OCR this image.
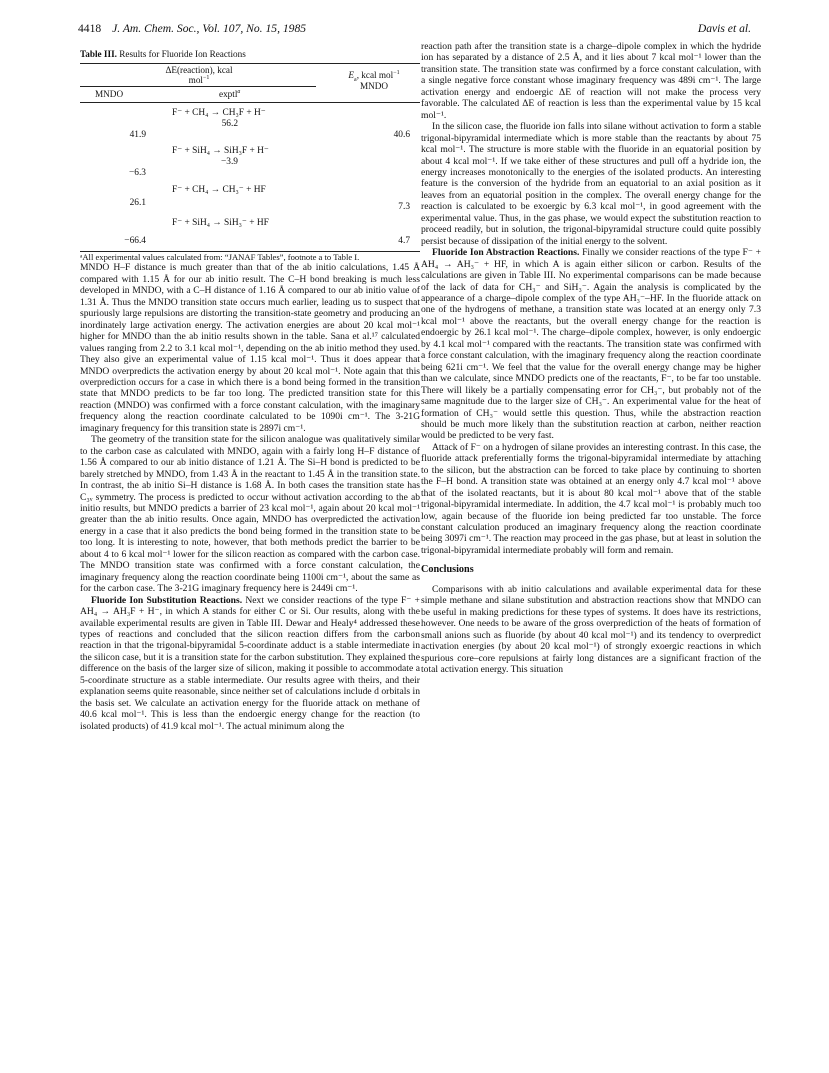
4418 J. Am. Chem. Soc., Vol. 107, No. 15, 1985	Davis et al.
Table III. Results for Fluoride Ion Reactions
ΔE(reaction), kcal
mol$^{-1}$
MNDO	exptl$^a$
$E_a$, kcal mol$^{-1}$
MNDO
F⁻ + CH₄ → CH₃F + H⁻
56.2
41.9	40.6
F⁻ + SiH₄ → SiH₃F + H⁻
−3.9
−6.3
F⁻ + CH₄ → CH₃⁻ + HF
26.1	7.3
F⁻ + SiH₄ → SiH₃⁻ + HF
−66.4	4.7

ᵃAll experimental values calculated from: “JANAF Tables”, footnote a to Table I.

MNDO H–F distance is much greater than that of the ab initio calculations, 1.45 Å compared with 1.15 Å for our ab initio result. The C–H bond breaking is much less developed in MNDO, with a C–H distance of 1.16 Å compared to our ab initio value of 1.31 Å. Thus the MNDO transition state occurs much earlier, leading us to suspect that spuriously large repulsions are distorting the transition-state geometry and producing an inordinately large activation energy. The activation energies are about 20 kcal mol⁻¹ higher for MNDO than the ab initio results shown in the table. Sana et al.¹⁷ calculated values ranging from 2.2 to 3.1 kcal mol⁻¹, depending on the ab initio method they used. They also give an experimental value of 1.15 kcal mol⁻¹. Thus it does appear that MNDO overpredicts the activation energy by about 20 kcal mol⁻¹. Note again that this overprediction occurs for a case in which there is a bond being formed in the transition state that MNDO predicts to be far too long. The predicted transition state for this reaction (MNDO) was confirmed with a force constant calculation, with the imaginary frequency along the reaction coordinate calculated to be 1090i cm⁻¹. The 3-21G imaginary frequency for this transition state is 2897i cm⁻¹.

The geometry of the transition state for the silicon analogue was qualitatively similar to the carbon case as calculated with MNDO, again with a fairly long H–F distance of 1.56 Å compared to our ab initio distance of 1.21 Å. The Si–H bond is predicted to be barely stretched by MNDO, from 1.43 Å in the reactant to 1.45 Å in the transition state. In contrast, the ab initio Si–H distance is 1.68 Å. In both cases the transition state has C₃ᵥ symmetry. The process is predicted to occur without activation according to the ab initio results, but MNDO predicts a barrier of 23 kcal mol⁻¹, again about 20 kcal mol⁻¹ greater than the ab initio results. Once again, MNDO has overpredicted the activation energy in a case that it also predicts the bond being formed in the transition state to be too long. It is interesting to note, however, that both methods predict the barrier to be about 4 to 6 kcal mol⁻¹ lower for the silicon reaction as compared with the carbon case. The MNDO transition state was confirmed with a force constant calculation, the imaginary frequency along the reaction coordinate being 1100i cm⁻¹, about the same as for the carbon case. The 3-21G imaginary frequency here is 2449i cm⁻¹.

Fluoride Ion Substitution Reactions. Next we consider reactions of the type F⁻ + AH₄ → AH₃F + H⁻, in which A stands for either C or Si. Our results, along with the available experimental results are given in Table III. Dewar and Healy⁴ addressed these types of reactions and concluded that the silicon reaction differs from the carbon reaction in that the trigonal-bipyramidal 5-coordinate adduct is a stable intermediate in the silicon case, but it is a transition state for the carbon substitution. They explained the difference on the basis of the larger size of silicon, making it possible to accommodate a 5-coordinate structure as a stable intermediate. Our results agree with theirs, and their explanation seems quite reasonable, since neither set of calculations include d orbitals in the basis set. We calculate an activation energy for the fluoride attack on methane of 40.6 kcal mol⁻¹. This is less than the endoergic energy change for the reaction (to isolated products) of 41.9 kcal mol⁻¹. The actual minimum along the

reaction path after the transition state is a charge–dipole complex in which the hydride ion has separated by a distance of 2.5 Å, and it lies about 7 kcal mol⁻¹ lower than the transition state. The transition state was confirmed by a force constant calculation, with a single negative force constant whose imaginary frequency was 489i cm⁻¹. The large activation energy and endoergic ΔE of reaction will not make the process very favorable. The calculated ΔE of reaction is less than the experimental value by 15 kcal mol⁻¹.

In the silicon case, the fluoride ion falls into silane without activation to form a stable trigonal-bipyramidal intermediate which is more stable than the reactants by about 75 kcal mol⁻¹. The structure is more stable with the fluoride in an equatorial position by about 4 kcal mol⁻¹. If we take either of these structures and pull off a hydride ion, the energy increases monotonically to the energies of the isolated products. An interesting feature is the conversion of the hydride from an equatorial to an axial position as it leaves from an equatorial position in the complex. The overall energy change for the reaction is calculated to be exoergic by 6.3 kcal mol⁻¹, in good agreement with the experimental value. Thus, in the gas phase, we would expect the substitution reaction to proceed readily, but in solution, the trigonal-bipyramidal structure could quite possibly persist because of dissipation of the initial energy to the solvent.

Fluoride Ion Abstraction Reactions. Finally we consider reactions of the type F⁻ + AH₄ → AH₃⁻ + HF, in which A is again either silicon or carbon. Results of the calculations are given in Table III. No experimental comparisons can be made because of the lack of data for CH₃⁻ and SiH₃⁻. Again the analysis is complicated by the appearance of a charge–dipole complex of the type AH₃⁻–HF. In the fluoride attack on one of the hydrogens of methane, a transition state was located at an energy only 7.3 kcal mol⁻¹ above the reactants, but the overall energy change for the reaction is endoergic by 26.1 kcal mol⁻¹. The charge–dipole complex, however, is only endoergic by 4.1 kcal mol⁻¹ compared with the reactants. The transition state was confirmed with a force constant calculation, with the imaginary frequency along the reaction coordinate being 621i cm⁻¹. We feel that the value for the overall energy change may be higher than we calculate, since MNDO predicts one of the reactants, F⁻, to be far too unstable. There will likely be a partially compensating error for CH₃⁻, but probably not of the same magnitude due to the larger size of CH₃⁻. An experimental value for the heat of formation of CH₃⁻ would settle this question. Thus, while the abstraction reaction should be much more likely than the substitution reaction at carbon, neither reaction would be predicted to be very fast.

Attack of F⁻ on a hydrogen of silane provides an interesting contrast. In this case, the fluoride attack preferentially forms the trigonal-bipyramidal intermediate by attaching to the silicon, but the abstraction can be forced to take place by continuing to shorten the F–H bond. A transition state was obtained at an energy only 4.7 kcal mol⁻¹ above that of the isolated reactants, but it is about 80 kcal mol⁻¹ above that of the stable trigonal-bipyramidal intermediate. In addition, the 4.7 kcal mol⁻¹ is probably much too low, again because of the fluoride ion being predicted far too unstable. The force constant calculation produced an imaginary frequency along the reaction coordinate being 3097i cm⁻¹. The reaction may proceed in the gas phase, but at least in solution the trigonal-bipyramidal intermediate probably will form and remain.

Conclusions

Comparisons with ab initio calculations and available experimental data for these simple methane and silane substitution and abstraction reactions show that MNDO can be useful in making predictions for these types of systems. It does have its restrictions, however. One needs to be aware of the gross overprediction of the heats of formation of small anions such as fluoride (by about 40 kcal mol⁻¹) and its tendency to overpredict activation energies (by about 20 kcal mol⁻¹) of strongly exoergic reactions in which spurious core–core repulsions at fairly long distances are a significant fraction of the total activation energy. This situation
